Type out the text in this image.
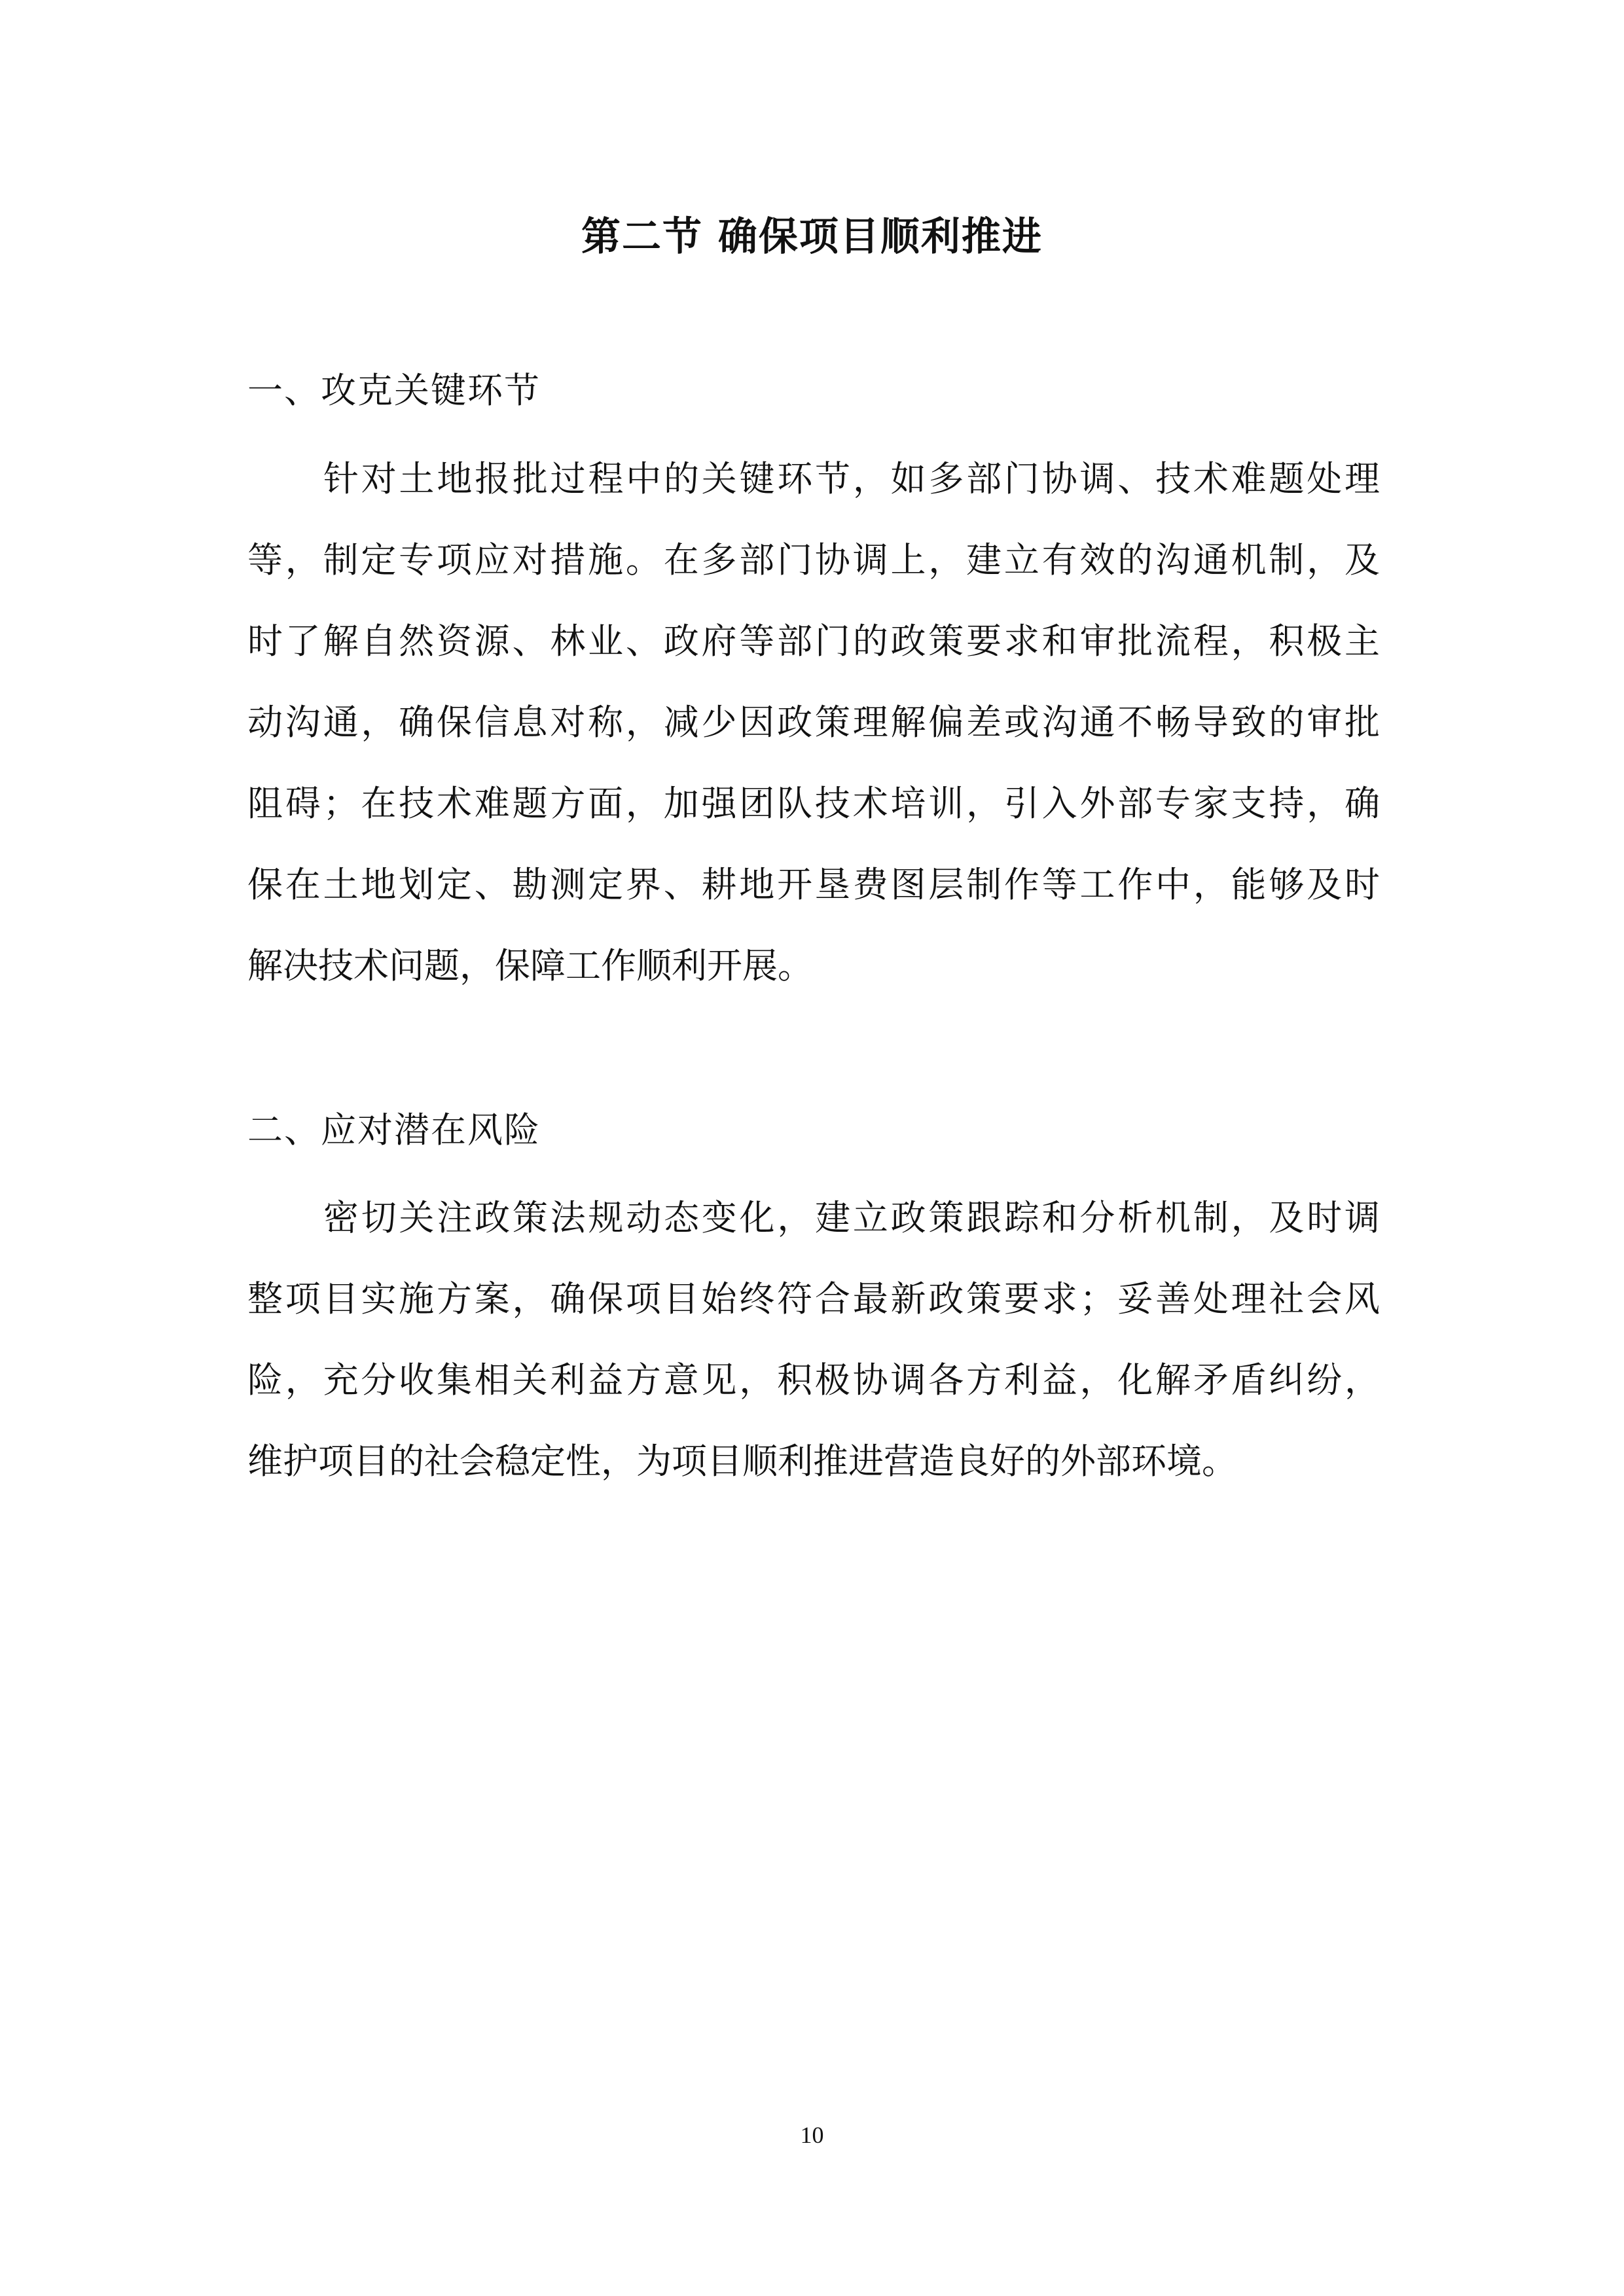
第二节 确保项目顺利推进
一、攻克关键环节
针对土地报批过程中的关键环节，如多部门协调、技术难题处理
等，制定专项应对措施。在多部门协调上，建立有效的沟通机制，及
时了解自然资源、林业、政府等部门的政策要求和审批流程，积极主
动沟通，确保信息对称，减少因政策理解偏差或沟通不畅导致的审批
阻碍；在技术难题方面，加强团队技术培训，引入外部专家支持，确
保在土地划定、勘测定界、耕地开垦费图层制作等工作中，能够及时
解决技术问题，保障工作顺利开展。
二、应对潜在风险
密切关注政策法规动态变化，建立政策跟踪和分析机制，及时调
整项目实施方案，确保项目始终符合最新政策要求；妥善处理社会风
险，充分收集相关利益方意见，积极协调各方利益，化解矛盾纠纷，
维护项目的社会稳定性，为项目顺利推进营造良好的外部环境。
10
